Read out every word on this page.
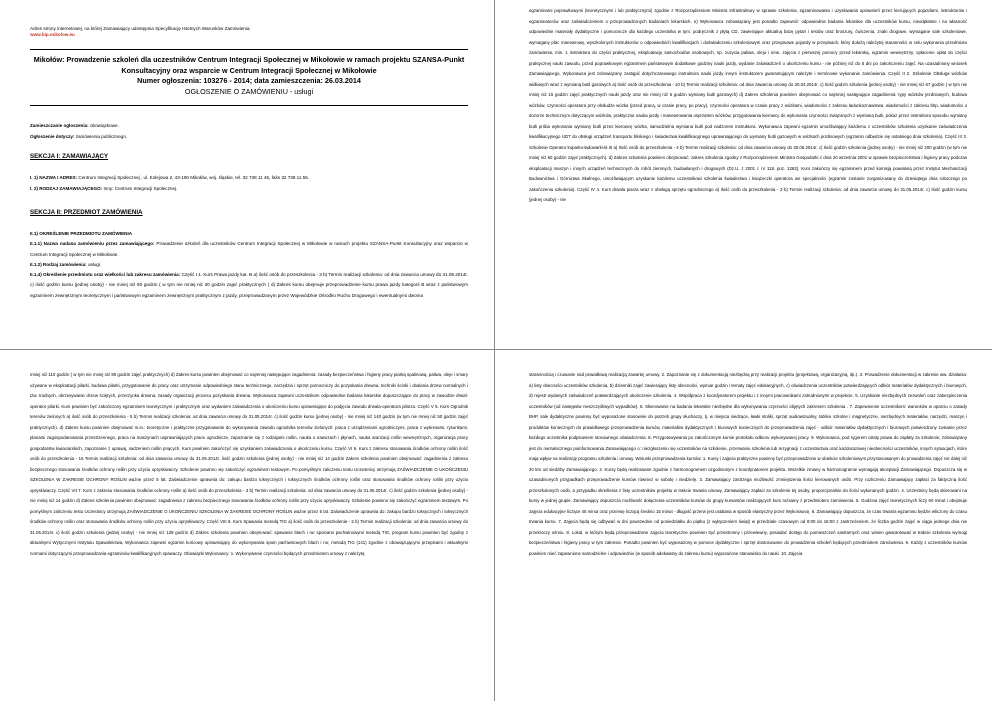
Adres strony internetowej, na której Zamawiający udostępnia Specyfikację Istotnych Warunków Zamówienia:
www.bip.mikolow.eu
Mikołów: Prowadzenie szkoleń dla uczestników Centrum Integracji Społecznej w Mikołowie w ramach projektu SZANSA-Punkt Konsultacyjny oraz wsparcie w Centrum Integracji Społecznej w Mikołowie
Numer ogłoszenia: 103276 - 2014; data zamieszczenia: 26.03.2014
OGŁOSZENIE O ZAMÓWIENIU - usługi
Zamieszczanie ogłoszenia: obowiązkowe.
Ogłoszenie dotyczy: zamówienia publicznego.
SEKCJA I: ZAMAWIAJĄCY
I. 1) NAZWA I ADRES: Centrum Integracji Społecznej , ul. Kolejowa 2, 43-190 Mikołów, woj. śląskie, tel. 32 738 11 45, faks 32 738 11 55.
I. 2) RODZAJ ZAMAWIAJĄCEGO: Inny: Centrum Integracji Społecznej.
SEKCJA II: PRZEDMIOT ZAMÓWIENIA
II.1) OKREŚLENIE PRZEDMIOTU ZAMÓWIENIA
II.1.1) Nazwa nadana zamówieniu przez zamawiającego: Prowadzenie szkoleń dla uczestników Centrum Integracji Społecznej w Mikołowie w ramach projektu SZANSA-Punkt Konsultacyjny oraz wsparcie w Centrum Integracji Społecznej w Mikołowie.
II.1.2) Rodzaj zamówienia: usługi.
II.1.4) Określenie przedmiotu oraz wielkości lub zakresu zamówienia: Część I 1. Kurs Prawa jazdy kat. B a) ilość osób do przeszkolenia - 3 b) Termin realizacji szkolenia: od dnia zawarcia umowy do 31.08.2014r. c) ilość godzin kursu (jednej osoby) - nie mniej niż 60 godzin ( w tym nie mniej niż 30 godzin zajęć praktycznych ) d) Zakres kursu obejmuje przeprowadzenie kursu prawa jazdy kategorii B wraz z państwowym egzaminem zewnętrznym teoretycznym i państwowym egzaminem zewnętrznym praktycznym z jazdy, przeprowadzanym przez Wojewódzkie Ośrodko Ruchu Drogowego i ewentualnymi dwoma
egzaminami poprawkowymi (teoretycznymi i lub praktycznymi) zgodnie z Rozporządzeniem Ministra Infrastruktury w sprawie szkolenia, egzaminowania i uzyskiwania uprawnień przez kierujących pojazdami, instruktorów i egzaminatorów oraz zaświadczeniem o przeprowadzonych badaniach lekarskich. e) Wykonawca zobowiązany jest ponadto zapewnić: odpowiednie badania lekarskie dla uczestników kursu, nieodpłatnie i na własność odpowiednie materiały dydaktyczne i pomocnicze dla każdego uczestnika w tym: podręcznik z płytą CD, zawierające aktualną bazę pytań i testów oraz broszury, ćwiczenia, znaki drogowe, wymagane sale szkoleniowe, wymagany plac manewrowy, wyszkolonych instruktorów o odpowiednich kwalifikacjach i doświadczeniu szkoleniowym oraz przepisowe pojazdy w przepisach, który dołożą należytej staranności w celu wykonania przedmiotu zamówienia, min. 1 instruktora do części praktycznej, eksploatację samochodów osobowych, np. zużycia paliwa, oleju i inne, zajęcia z pierwszej pomocy przed lekarską, egzamin wewnętrzny, opłacenie opłat do części praktycznej nauki zawodu, przed poprawkowym egzaminem państwowym dodatkowe godziny nauki jazdy, wydanie zaświadczeń o ukończeniu kursu - nie później niż do 5 dni po zakończeniu zajęć. Na uzasadniony wniosek Zamawiającego, Wykonawca jest zobowiązany zastąpić dotychczasowego instruktora nauki jazdy innym instruktorem gwarantującym należyte i terminowe wykonanie zamówienia. Część II 2. Szkolenie Obsługa wózków widłowych wraz z wymianą butli gazowych a) Ilość osób do przeszkolenia - 10 b) Termin realizacji szkolenia: od dnia zawarcia umowy do 30.04.2014r. c) Ilość godzin szkolenia (jednej osoby) - nie mniej niż 67 godzin ( w tym nie mniej niż 15 godzin zajęć praktycznych nauki jazdy oraz nie mniej niż 6 godzin wymiany butli gazowych) d) Zakres szkolenia powinien obejmować co najmniej następujące zagadnienia: typy wózków jezdniowych, budowa wózków, czynności operatora przy obsłudze wózka (przed pracą, w czasie pracy, po pracy), czynności operatora w czasie pracy z wózkami, wiadomości z zakresu ładunkoznawstwa, wiadomości z zakresu bhp, wiadomości o dozorze technicznym dotyczącym wózków, praktyczna nauka jazdy i manewrowania osprzętem wózków, przygotowania kierowcy do wykonania czynności związanych z wymianą butli, pokaz przez instruktora sposobu wymiany butli próba wykonania wymiany butli przez kierowcę wózka, samodzielna wymiana butli pod nadzorem instruktora. Wykonawca zapewni egzamin umożliwiający każdemu z uczestników szkolenia uzyskanie zaświadczenia kwalifikacyjnego UDT do obsługi urządzeń transportu bliskiego i świadectwa kwalifikacyjnego uprawniającego do wymiany butli gazowych w wózkach jezdniowych (egzamin odbędzie się ostatniego dnia szkolenia). Część III 3. Szkolenie Operator koparko-ładowarki-kl.III a) Ilość osób do przeszkolenia - 4 b) Termin realizacji szkolenia: od dnia zawarcia umowy do 30.06.2014r. c) Ilość godzin szkolenia (jednej osoby) - nie mniej niż 200 godzin (w tym nie mniej niż 60 godzin zajęć praktycznych). d) Zakres szkolenia powinien obejmować: zakres szkolenia zgodny z Rozporządzeniem Ministra Gospodarki z dnia 20 września 2001 w sprawie bezpieczeństwa i higieny pracy podczas eksploatacji maszyn i innych urządzeń technicznych do robót ziemnych, budowlanych i drogowych (Dz.U. z 2001 r. nr 118, poz. 1263). Kurs zakończy się egzaminem przed komisją powołaną przez Instytut Mechanizacji Budownictwa i Górnictwa Skalnego, umożliwiającym uzyskanie każdemu uczestnikowi szkolenia świadectwa i książeczki operatora we specjalności (egzamin zostanie zorganizowany do dziesiątego dnia roboczego po zakończeniu szkolenia). Część IV 4. Kurs drwala piarza wraz z obsługą sprzętu ogrodniczego a) Ilość osób do przeszkolenia - 3 b) Termin realizacji szkolenia: od dnia zawarcia umowy do 31.05.2014r. c) Ilość godzin kursu (jednej osoby) - nie
mniej niż 110 godzin ( w tym nie mniej niż 80 godzin zajęć praktycznych) d) Zakres kursu powinien obejmować co najmniej następujące zagadnienia: zasady bezpieczeństwa i higieny pracy piarką spalinową, paliwa, oleje i smary używane w eksploatacji pilarki, budowa pilarki, przygotowanie do pracy oraz utrzymanie odpowiedniego stanu technicznego, narzędzia i sprzęt pomocniczy do pozyskania drewna, techniki ścinki i obalania drzew normalnych i tzw. trudnych, okrzesywanie drzew ściętych, przerzynka drewna, zasady organizacji procesu pozyskania drewna. Wykonawca zapewni uczestnikom odpowiednie badania lekarskie dopuszczające do pracy w zawodzie drwal-operator pilarki. Kurs powinien być zakończony egzaminem teoretycznym i praktycznym oraz wydaniem zaświadczenia o ukończeniu kursu uprawniające do podjęcia zawodu drwala-operatora pilarza. Część V 5. Kurs Ogrodnik terenów zielonych a) ilość osób do przeszkolenia - 5 b) Termin realizacji szkolenia: od dnia zawarcia umowy do 31.05.2014r. c) ilość godzin kursu (jednej osoby) - nie mniej niż 140 godzin (w tym nie mniej niż 50 godzin zajęć praktycznych). d) Zakres kursu powinien obejmować m.in.: teoretyczne i praktyczne przygotowanie do wykonywania zawodu ogrodnika terenów zielonych: praca z urządzeniami ogrodniczymi, praca z wykresami, rysunkami, planami zagospodarowania przestrzennego, praca na maszynach usprawniających prace ogrodnicze, zapoznanie się z rodzajami roślin, nauka o nawozach i płynach, nauka aranżacji roślin wewnętrznych, organizacja pracy gospodarstw kwiaciarskich, zapoznanie z uprawą, sadzeniem roślin pnących. Kurs powinien zakończyć się uzyskaniem zaświadczenia o ukończeniu kursu. Część VI 6. Kurs z zakresu stosowania środków ochrony roślin ilość osób do przeszkolenia - 15 Termin realizacji szkolenia: od dnia zawarcia umowy do 31.05.2014r. ilość godzin szkolenia (jednej osoby) - nie mniej niż 14 godzin Zakres szkolenia powinien obejmować: zagadnienia z zakresu bezpiecznego stosowania środków ochrony roślin przy użyciu opryskiwaczy. Szkolenie powinno się zakończyć egzaminem testowym. Po pomyślnym zaliczeniu testu Uczestnicy otrzymują ZAŚWIADCZENIE O UKOŃCZENIU SZKOLENIA W ZAKRESIE OCHRONY ROŚLIN ważne przez 5 lat. Zaświadczenie uprawnia do: zakupu bardzo toksycznych i toksycznych środków ochrony roślin oraz stosowania środków ochrony roślin przy użyciu opryskiwaczy. Część VII 7. Kurs z zakresu stosowania środków ochrony roślin a) ilość osób do przeszkolenia - 3 b) Termin realizacji szkolenia: od dnia zawarcia umowy do 31.05.2014r. c) ilość godzin szkolenia (jednej osoby) - nie mniej niż 14 godzin d) Zakres szkolenia powinien obejmować: zagadnienia z zakresu bezpiecznego stosowania środków ochrony roślin przy użyciu opryskiwaczy. Szkolenie powinno się zakończyć egzaminem testowym. Po pomyślnym zaliczeniu testu Uczestnicy otrzymują ZAŚWIADCZENIE O UKOŃCZENIU SZKOLENIA W ZAKRESIE OCHRONY ROŚLIN ważne przez 5 lat. Zaświadczenie uprawnia do: zakupu bardzo toksycznych i toksycznych środków ochrony roślin oraz stosowania środków ochrony roślin przy użyciu opryskiwaczy. Część VIII 8. Kurs Spawania metodą TIG a) ilość osób do przeszkolenia - 2 b) Termin realizacji szkolenia: od dnia zawarcia umowy do 31.05.2014r. c) ilość godzin szkolenia (jednej osoby) - nie mniej niż 128 godzin d) Zakres szkolenia powinien obejmować: spawanie blach i rur spoinami pachwinowymi metodą TIG, program kursu powinien być zgodny z aktualnymi Wytycznymi Instytutu Spawalnictwa, Wykonawca zapewni egzamin końcowy uprawniający do wykonywania spoin pachwinowych blach i rur, metodą TIG (141) zgodnie z obowiązującymi przepisami i aktualnymi normami dotyczącymi przeprowadzania egzaminów kwalifikacyjnych spawaczy. Obowiązki Wykonawcy: 1. Wykonywanie czynności będących przedmiotem umowy z należytą
starannością i czuwanie nad prawidłową realizacją zawartej umowy. 2. Zapoznanie się z dokumentacją niezbędną przy realizacji projektu (projektową, organizacyjną, itp.). 3. Prowadzenie dokumentacji w zakresie ww. działania: a) listy obecności uczestników szkolenia, b) dzienniki zajęć zawierający listy obecności, wymiar godzin i tematy zajęć edukacyjnych, c) oświadczenia uczestników potwierdzających odbiór materiałów dydaktycznych i biurowych, d) rejestr wydanych zaświadczeń potwierdzających ukończenie szkolenia. 4. Współpraca z koordynatorem projektu i z innymi pracownikami zatrudnionymi w projekcie. 5. Uzyskanie niezbędnych zezwoleń oraz zabezpieczenia uczestników (od następstw nieszczęśliwych wypadków). 6. Skierowanie na badania lekarskie niezbędne dla wykonywania czynności objętych zakresem szkolenia . 7. Zapewnienie uczestnikom: warunków w oparciu o zasady BHP, sale dydaktyczne powinny być wyposażone stosownie do potrzeb grupy słuchaczy, tj. w miejsca siedzące, ławki stoliki, sprzęt audiowizualny, tablice szkolne i magnetyczne, niezbędnych materiałów, narzędzi, maszyn i produktów koniecznych do prawidłowego przeprowadzenia kursów, materiałów dydaktycznych i biurowych koniecznych do przeprowadzenia zajęć - odbiór materiałów dydaktycznych i biurowych potwierdzony zostanie przez każdego uczestnika podpisaniem stosownego oświadczenia. 8. Przygotowywania po zakończonym kursie protokołu odbioru wykonywanej pracy. 9. Wykonawca, pod rygorem utraty prawa do zapłaty za szkolenie, zobowiązany jest do niezwłocznego poinformowania Zamawiającego o: niezgłoszeniu się uczestników na szkolenie, przerwaniu szkolenia lub rezygnacji z uczestnictwa oraz każdorazowej nieobecności uczestników, innych sytuacjach, które mają wpływ na realizację programu szkolenia i umowy. Warunki przeprowadzenia kursów: 1. Kursy i zajęcia praktyczne powinny być przeprowadzone w obiekcie szkoleniowym przystosowanym do prowadzenia zajęć nie dalej niż 20 km od siedziby Zamawiającego. 2. Kursy będą realizowane zgodnie z harmonogramem uzgodnionym z koordynatorem projektu. Wszelkie zmiany w harmonogramie wymagają akceptacji Zamawiającego. Dopuszcza się w uzasadnionych przypadkach przeprowadzenie kursów również w sobotę i niedzielę. 3. Zamawiający zastrzega możliwość zmniejszenia ilości kierowanych osób. Przy rozliczeniu Zamawiający zapłaci za faktyczną ilość przeszkolonych osób, a przypadku skreślenia z listy uczestników projektu w trakcie trwania umowy, Zamawiający zapłaci za szkolenie tej osoby, proporcjonalnie do ilości wykonanych godzin. 4. Uczestnicy będą skierowani na kursy w jednej grupie. Zamawiający dopuszcza możliwość dołączenia uczestników kursów do grupy kursantów realizujących kurs tożsamy z przedmiotem zamówienia. 5. Godzina zajęć teoretycznych liczy 60 minut i obejmuje zajęcia edukacyjne liczące 45 minut oraz przerwę liczącą średnio 15 minut - długość przerw jest ustalana w sposób elastyczny przez Wykonawcę. 6. Zamawiający dopuszcza, że czas trwania egzaminu będzie wliczony do czasu trwania kursu. 7. Zajęcia będą się odbywać w dni powszednie od poniedziałku do piątku (z wyłączeniem świąt) w przedziale czasowym od 8:00 do 18:00 z zastrzeżeniem, że liczba godzin zajęć w ciągu jednego dnia nie przekroczy ośmiu. 8. Lokal, w którym będą przeprowadzane zajęcia teoretyczne powinien być przestronny i przewiewny, posiadać dostęp do pomieszczeń sanitarnych oraz winien gwarantować w trakcie szkolenia wymogi bezpieczeństwa i higieny pracy w tym zakresie. Ponadto powinien być wyposażony w pomoce dydaktyczne i sprzęt dostosowane do prowadzenia szkoleń będących przedmiotem zamówienia. 9. Każdy z uczestników kursów powinien mieć zapewnione samodzielne i odpowiednio (w sposób adekwatny do zakresu kursu) wyposażone stanowisko do nauki. 10. Zajęcia
